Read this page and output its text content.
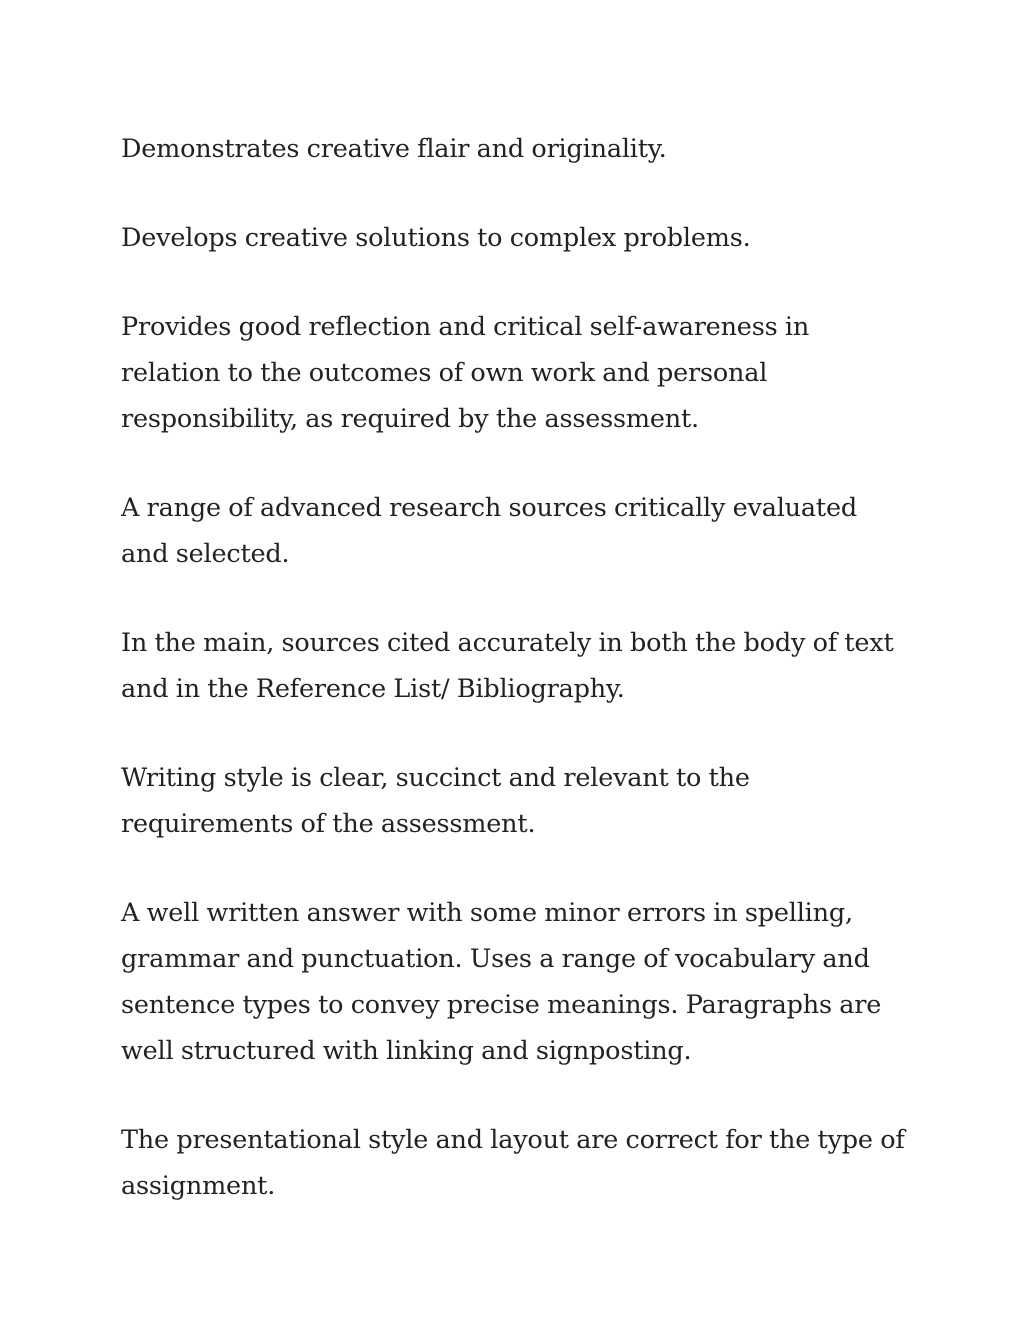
Demonstrates creative flair and originality.

Develops creative solutions to complex problems.

Provides good reflection and critical self-awareness in relation to the outcomes of own work and personal responsibility, as required by the assessment.

A range of advanced research sources critically evaluated and selected.

In the main, sources cited accurately in both the body of text and in the Reference List/ Bibliography.

Writing style is clear, succinct and relevant to the requirements of the assessment.

A well written answer with some minor errors in spelling, grammar and punctuation. Uses a range of vocabulary and sentence types to convey precise meanings. Paragraphs are well structured with linking and signposting.

The presentational style and layout are correct for the type of assignment.
